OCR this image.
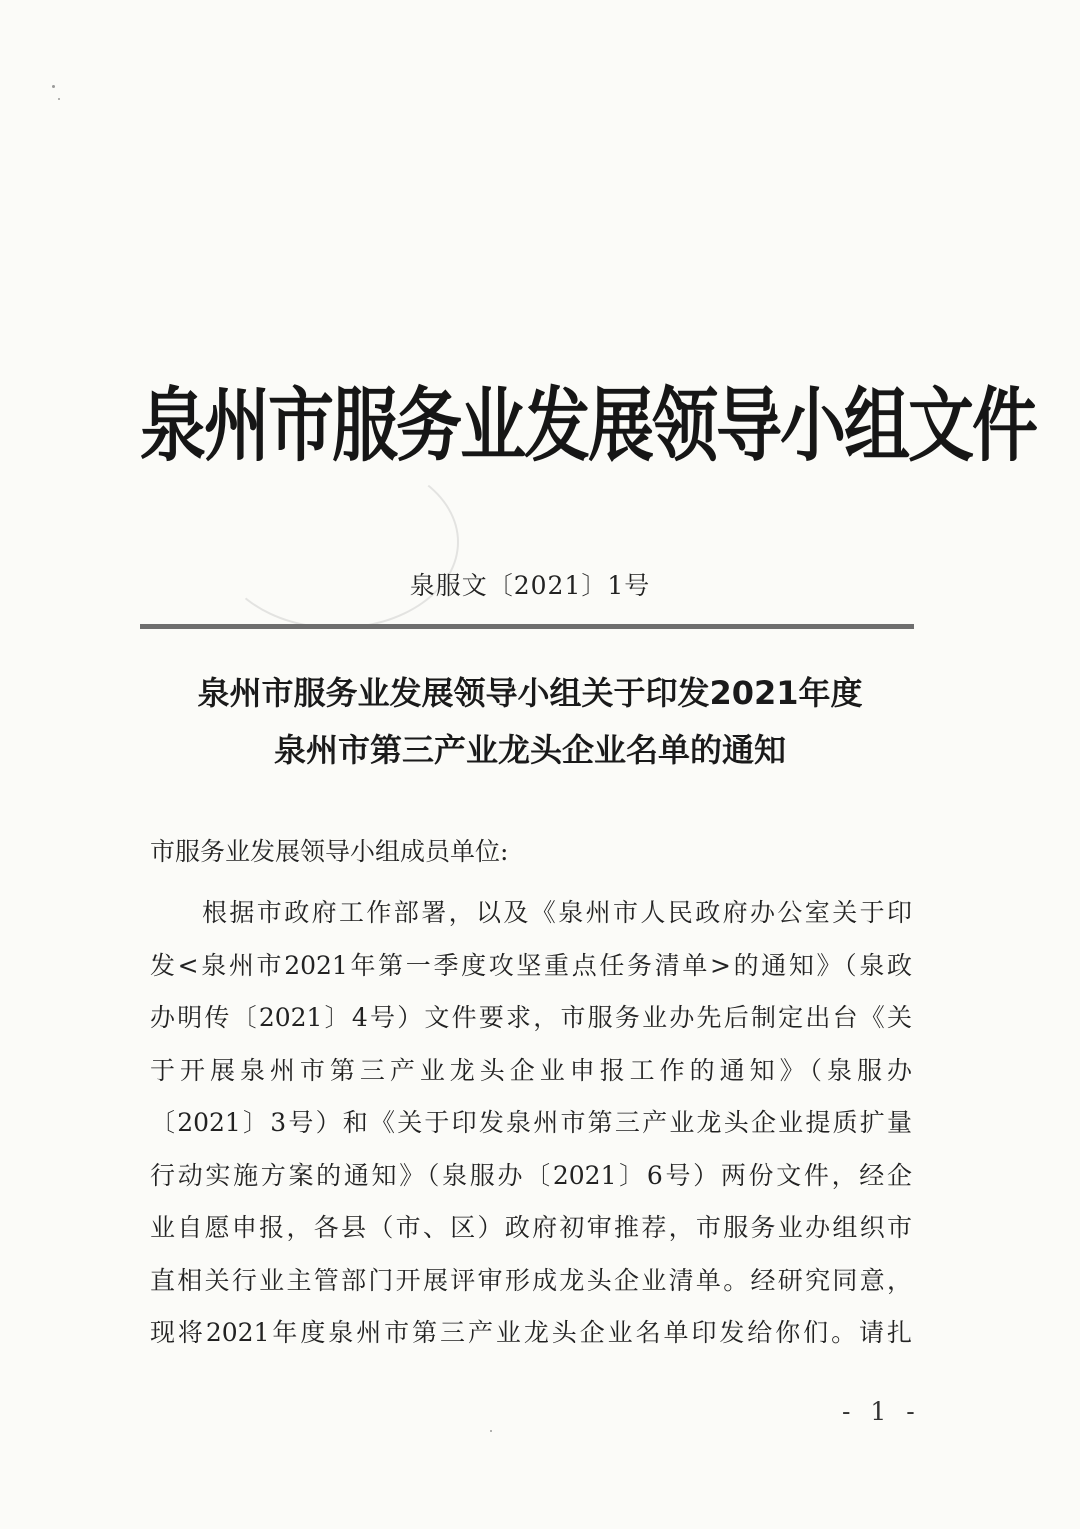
泉州市服务业发展领导小组文件
泉服文〔2021〕1号
泉州市服务业发展领导小组关于印发2021年度
泉州市第三产业龙头企业名单的通知
市服务业发展领导小组成员单位:
根据市政府工作部署，以及《泉州市人民政府办公室关于印
发<泉州市2021年第一季度攻坚重点任务清单>的通知》（泉政
办明传〔2021〕4号）文件要求，市服务业办先后制定出台《关
于开展泉州市第三产业龙头企业申报工作的通知》（泉服办
〔2021〕3号）和《关于印发泉州市第三产业龙头企业提质扩量
行动实施方案的通知》（泉服办〔2021〕6号）两份文件，经企
业自愿申报，各县（市、区）政府初审推荐，市服务业办组织市
直相关行业主管部门开展评审形成龙头企业清单。经研究同意，
现将2021年度泉州市第三产业龙头企业名单印发给你们。请扎
- 1 -
